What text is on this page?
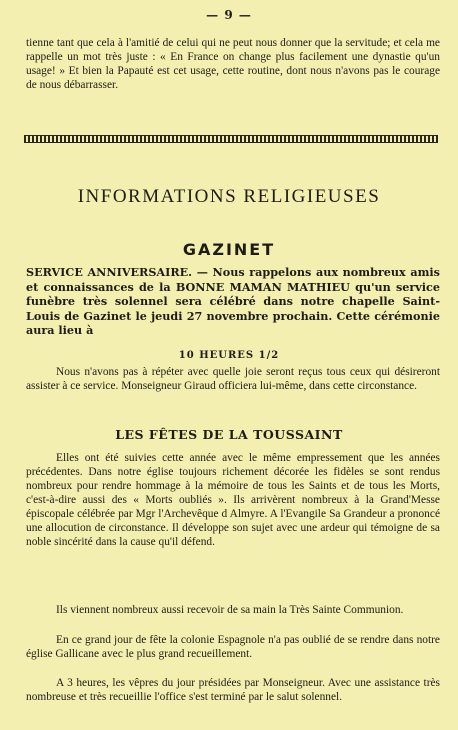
— 9 —
tienne tant que cela à l'amitié de celui qui ne peut nous donner que la servitude; et cela me rappelle un mot très juste : « En France on change plus facilement une dynastie qu'un usage! » Et bien la Papauté est cet usage, cette routine, dont nous n'avons pas le courage de nous débarrasser.
INFORMATIONS RELIGIEUSES
GAZINET
SERVICE ANNIVERSAIRE. — Nous rappelons aux nombreux amis et connaissances de la BONNE MAMAN MATHIEU qu'un service funèbre très solennel sera célébré dans notre chapelle Saint-Louis de Gazinet le jeudi 27 novembre prochain. Cette cérémonie aura lieu à
10 HEURES 1/2
Nous n'avons pas à répéter avec quelle joie seront reçus tous ceux qui désireront assister à ce service. Monseigneur Giraud officiera lui-même, dans cette circonstance.
LES FÊTES DE LA TOUSSAINT
Elles ont été suivies cette année avec le même empressement que les années précédentes. Dans notre église toujours richement décorée les fidèles se sont rendus nombreux pour rendre hommage à la mémoire de tous les Saints et de tous les Morts, c'est-à-dire aussi des « Morts oubliés ». Ils arrivèrent nombreux à la Grand'Messe épiscopale célébrée par Mgr l'Archevêque d Almyre. A l'Evangile Sa Grandeur a prononcé une allocution de circonstance. Il développe son sujet avec une ardeur qui témoigne de sa noble sincérité dans la cause qu'il défend.
Ils viennent nombreux aussi recevoir de sa main la Très Sainte Communion.
En ce grand jour de fête la colonie Espagnole n'a pas oublié de se rendre dans notre église Gallicane avec le plus grand recueillement.
A 3 heures, les vêpres du jour présidées par Monseigneur. Avec une assistance très nombreuse et très recueillie l'office s'est terminé par le salut solennel.
